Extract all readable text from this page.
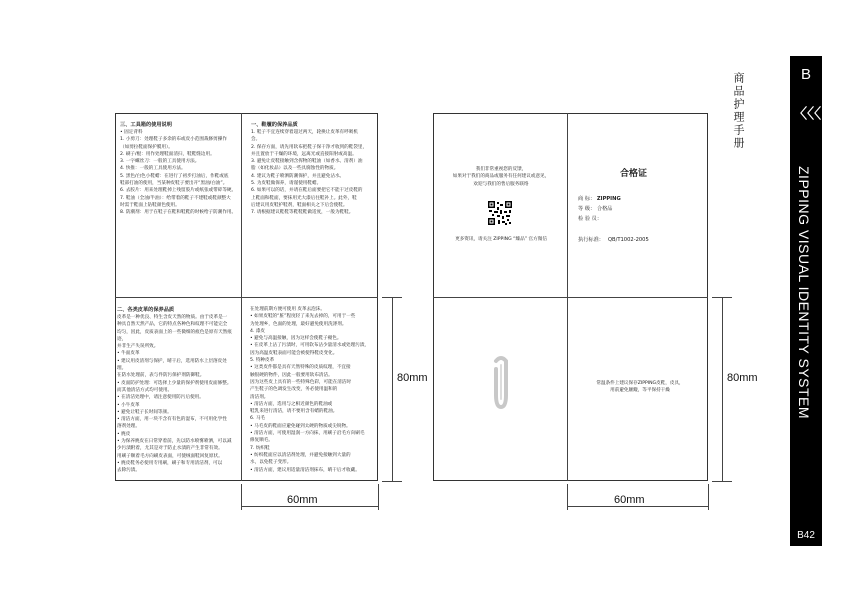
三、工具箱的使用说明
• 固定背料
1. 小剪刀：处理鞋子多余的布或皮小范围裁修剪操作
（如剪拉鞋面保护膜用）。
2. 刷子/棍：用作处理鞋面清扫，鞋鞋缝边用。
3. 一字螺丝刀：一般的工具使用方法。
4. 快推：一般的工具使用方法。
5. 黑色/白色小鞋蜡：在进行了初步打油后，作鞋或底
鞋部打油的使用，当某种皮鞋子要出开“黑油/白油”。
6. 去胶片：用来处理鞋掉上残留胶片或纸张或带碎等硬。
7. 鞋油（全油/半油）：给带着的鞋子不建鞋或鞋颜整大
时需于鞋面上钻鞋颜色使用。
8. 防潮剂：用于在鞋子在鞋和鞋鞋的时候给子防潮作用。
一、鞋履的保养品质
1. 鞋子不宜连续穿着超过两天，轮换让皮革有呼吸机
会。
2. 保存方面，请先用软布把鞋子保干净才收到的鞋袋里，
并且置放于干燥的环境，远离光或直接阳射或高温。
3. 避免让皮鞋接触到含挥物的鞋油（如香水、清剂）油
脂（如化妆品）以及一些具腐蚀性的物质。
4. 建议为鞋子喷洒防潮保护，并且避免沾水。
5. 为皮鞋做保养，请谨使用鞋蜡。
6. 如果可以的话，并请在鞋后面要把它不能干过皮鞋的
上鞋面和鞋面，要抹用光大漆后往鞋补上。此外，鞋
后建议用皮鞋护鞋剂，鞋面相关之下后会使鞋。
7. 请根据建议鞋鞋等鞋鞋鞋做适度，一般为鞋鞋。
二、各类皮革的保养品质
皮革是一种优良、特生含皮天然的物质。由于皮革是一
种具自然天然产品，它的特点各种色和纹理不可能完全
均匀，因此，皮质表面上的一些微细的痕色是原有天然痕迹，
并非生产失误所致。
• 牛面皮革
• 建议用皮清剂与保护，晴干后，选用防水上层溶皮处
理。
在防水处理前，表与件防污保护剂防御鞋。
• 皮面防护处理：可选择上少量的保护剂使用皮面修整。
而其他清洁方式均可使用。
• 在清洁处理中，请注意使用防污后使用。
• 小牛皮革
• 避免让鞋子长时间等颜。
• 清洁方面，用一块不含有有色的湿布，不可用化学性
溶剂处理。
• 麂皮
• 为保养麂皮在日常穿着前，先以防水喷雾喷洒，可以减
少污渍附着，尤其是对于防止水渍的产生非常有效。
用刷子顺着毛方向刷皮表面，可使绒面鞋回复原状。
• 麂皮鞋务必使用专用刷，刷子和专用清洁剂，可以
去除污渍。
在处理前期方便可使用 皮革去泡沫。
• 如果皮鞋的“脏”程度轻了来先去掉的，可用于一些
为处理乡，色面的处理，最好避免使用洗涤剂。
4. 漆皮
• 避免与高温接触，因为这样会使鞋子褪色。
• 在皮革上沾了污渍时，可用软布沾少量清水或处理污渍，
因为高温皮鞋表面可能会被使得鞋皮变化。
5. 特种皮革
• 这类皮件都是具有天然特殊的皮质纹理，不宜接
触很硬的物件，因此一般要用软布清洁。
因为这些皮上具有的一些特殊色彩，可能在清洁时
产生鞋子的色调发生改变，务必使用温和的
清洁剂。
• 清洁方面，选用与之相近颜色的鞋油或
鞋乳来进行清洁，请不要用含有蜡的鞋油。
6. 马毛
• 马毛皮的鞋面应避免碰到太硬的物质或尖锐物。
• 清洁方面，可使用湿润一方向抹，用刷子沿毛方向刷毛
修复顺毛。
7. 纺织鞋
• 纺织鞋面应以清洁剂处理，并避免接触到大量的
水，以免鞋子变形。
• 清洁方面，建议用适量清洁剂抹布，晴干后才收藏。
我们非常重视您的反馈，
如果对于我们的商品或服务有任何建议或意见，
欢迎与我们的售后服务联络
更多资讯，请关注 ZIPPING “臻品” 官方微信
合格证
商 标： ZIPPING
等 级： 合格品
检 验 员：
执行标准： QB/T1002-2005
常温条件上建议保存ZIPPING皮鞋，皮具，
用前避免颠簸，等平保持干燥
80mm
60mm
80mm
60mm
商品护理手册	B
〉〉〉
ZIPPING VISUAL IDENTITY SYSTEM
B42
